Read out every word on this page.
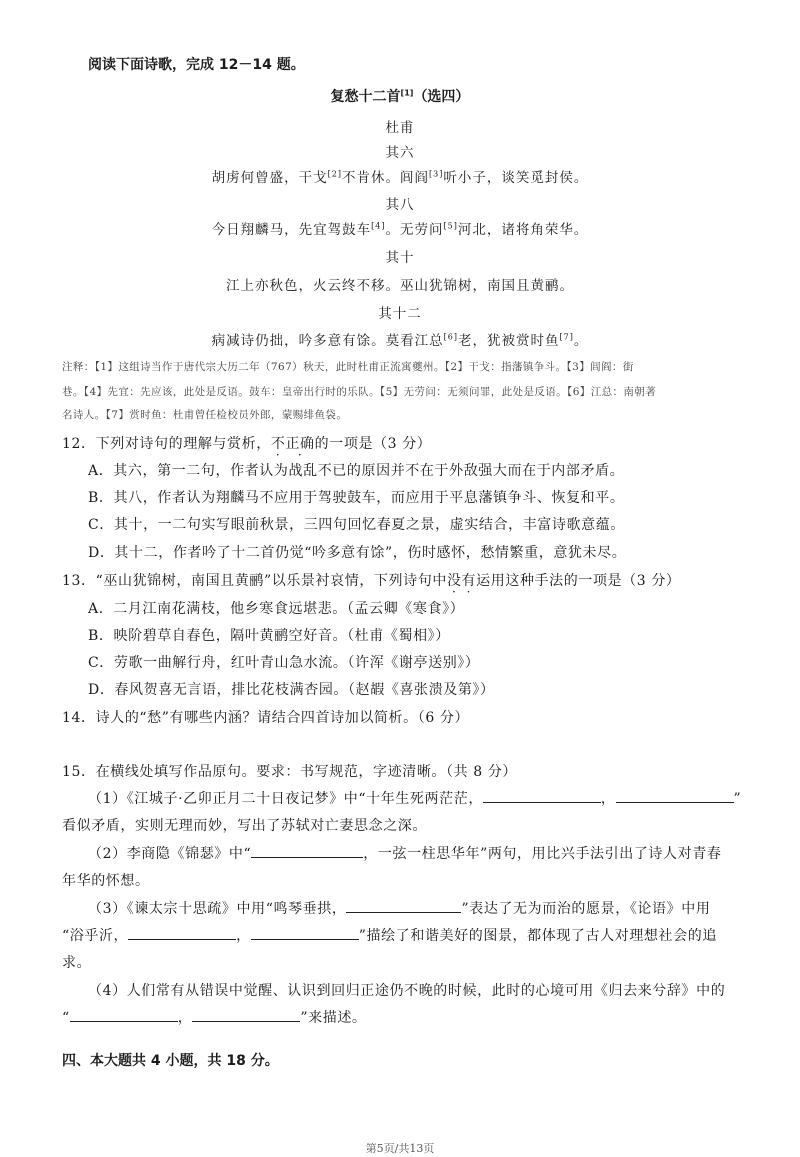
阅读下面诗歌，完成 12－14 题。
复愁十二首[1]（选四）
杜甫
其六
胡虏何曾盛，干戈[2]不肯休。闾阎[3]听小子，谈笑觅封侯。
其八
今日翔麟马，先宜驾鼓车[4]。无劳问[5]河北，诸将角荣华。
其十
江上亦秋色，火云终不移。巫山犹锦树，南国且黄鹂。
其十二
病减诗仍拙，吟多意有馀。莫看江总[6]老，犹被赏时鱼[7]。
注释：【1】这组诗当作于唐代宗大历二年（767）秋天，此时杜甫正流寓夔州。【2】干戈：指藩镇争斗。【3】闾阎：街
巷。【4】先宜：先应该，此处是反语。鼓车：皇帝出行时的乐队。【5】无劳问：无须问罪，此处是反语。【6】江总：南朝著
名诗人。【7】赏时鱼：杜甫曾任检校员外郎，蒙赐绯鱼袋。
12．下列对诗句的理解与赏析，不正确的一项是（3 分）
A．其六，第一二句，作者认为战乱不已的原因并不在于外敌强大而在于内部矛盾。
B．其八，作者认为翔麟马不应用于驾驶鼓车，而应用于平息藩镇争斗、恢复和平。
C．其十，一二句实写眼前秋景，三四句回忆春夏之景，虚实结合，丰富诗歌意蕴。
D．其十二，作者吟了十二首仍觉“吟多意有馀”，伤时感怀，愁情繁重，意犹未尽。
13．“巫山犹锦树，南国且黄鹂”以乐景衬哀情，下列诗句中没有运用这种手法的一项是（3 分）
A．二月江南花满枝，他乡寒食远堪悲。（孟云卿《寒食》）
B．映阶碧草自春色，隔叶黄鹂空好音。（杜甫《蜀相》）
C．劳歌一曲解行舟，红叶青山急水流。（许浑《谢亭送别》）
D．春风贺喜无言语，排比花枝满杏园。（赵嘏《喜张溃及第》）
14．诗人的“愁”有哪些内涵？请结合四首诗加以简析。（6 分）
15．在横线处填写作品原句。要求：书写规范，字迹清晰。（共 8 分）
（1）《江城子·乙卯正月二十日夜记梦》中“十年生死两茫茫，	，	”
看似矛盾，实则无理而妙，写出了苏轼对亡妻思念之深。
（2）李商隐《锦瑟》中“	，一弦一柱思华年”两句，用比兴手法引出了诗人对青春
年华的怀想。
（3）《谏太宗十思疏》中用“鸣琴垂拱，	”表达了无为而治的愿景，《论语》中用
“浴乎沂，	，	”描绘了和谐美好的图景，都体现了古人对理想社会的追
求。
（4）人们常有从错误中觉醒、认识到回归正途仍不晚的时候，此时的心境可用《归去来兮辞》中的
“	，	”来描述。
四、本大题共 4 小题，共 18 分。
第5页/共13页
